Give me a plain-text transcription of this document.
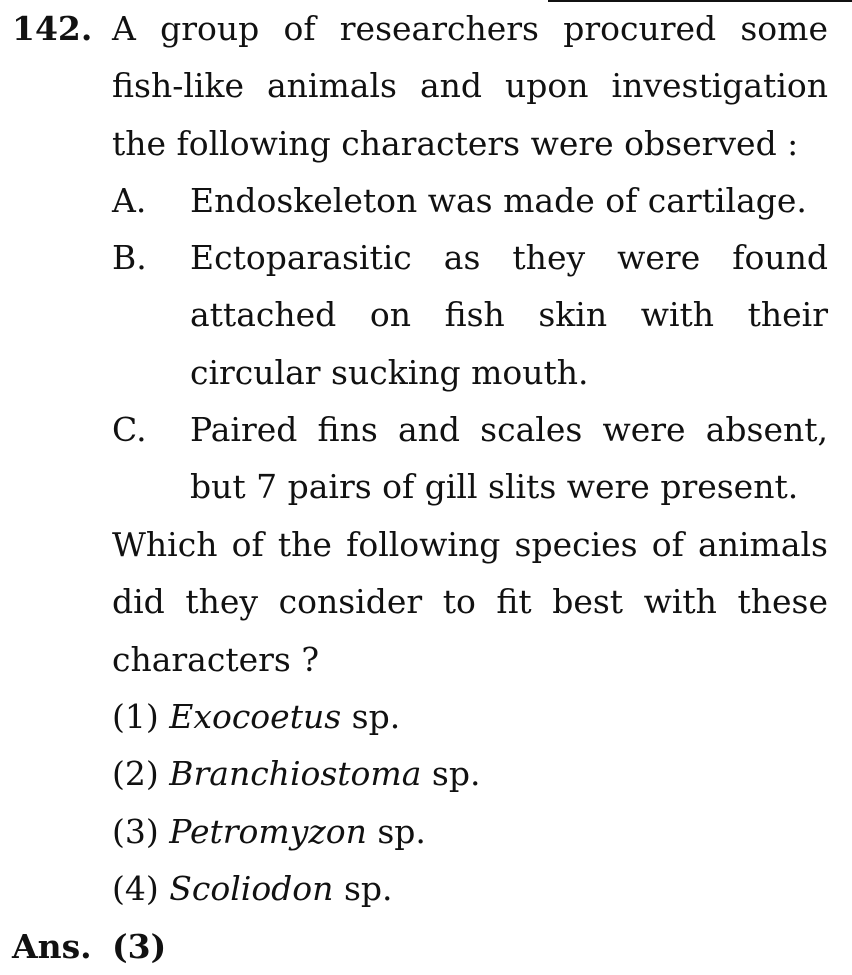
142. A group of researchers procured some fish-like animals and upon investigation the following characters were observed :
A. Endoskeleton was made of cartilage.
B. Ectoparasitic as they were found attached on fish skin with their circular sucking mouth.
C. Paired fins and scales were absent, but 7 pairs of gill slits were present.
Which of the following species of animals did they consider to fit best with these characters ?
(1) Exocoetus sp.
(2) Branchiostoma sp.
(3) Petromyzon sp.
(4) Scoliodon sp.
Ans. (3)
